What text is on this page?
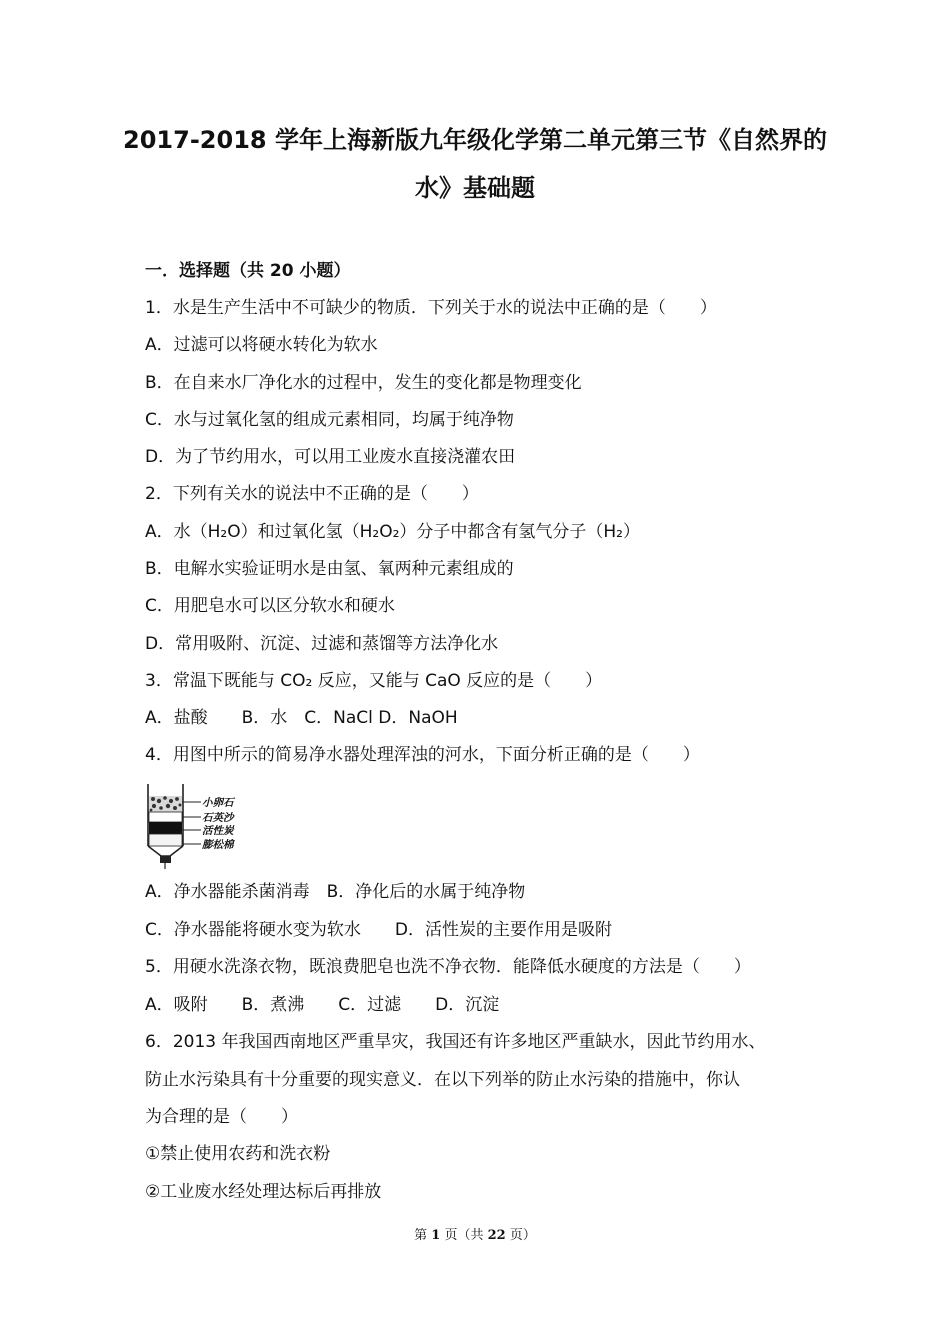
2017-2018 学年上海新版九年级化学第二单元第三节《自然界的
水》基础题
一．选择题（共 20 小题）
1．水是生产生活中不可缺少的物质．下列关于水的说法中正确的是（　　）
A．过滤可以将硬水转化为软水
B．在自来水厂净化水的过程中，发生的变化都是物理变化
C．水与过氧化氢的组成元素相同，均属于纯净物
D．为了节约用水，可以用工业废水直接浇灌农田
2．下列有关水的说法中不正确的是（　　）
A．水（H₂O）和过氧化氢（H₂O₂）分子中都含有氢气分子（H₂）
B．电解水实验证明水是由氢、氧两种元素组成的
C．用肥皂水可以区分软水和硬水
D．常用吸附、沉淀、过滤和蒸馏等方法净化水
3．常温下既能与 CO₂ 反应，又能与 CaO 反应的是（　　）
A．盐酸　　B．水　C．NaCl D．NaOH
4．用图中所示的简易净水器处理浑浊的河水，下面分析正确的是（　　）
小卵石
石英沙
活性炭
膨松棉
A．净水器能杀菌消毒　B．净化后的水属于纯净物
C．净水器能将硬水变为软水　　D．活性炭的主要作用是吸附
5．用硬水洗涤衣物，既浪费肥皂也洗不净衣物．能降低水硬度的方法是（　　）
A．吸附　　B．煮沸　　C．过滤　　D．沉淀
6．2013 年我国西南地区严重旱灾，我国还有许多地区严重缺水，因此节约用水、
防止水污染具有十分重要的现实意义．在以下列举的防止水污染的措施中，你认
为合理的是（　　）
①禁止使用农药和洗衣粉
②工业废水经处理达标后再排放
第 1 页（共 22 页）
